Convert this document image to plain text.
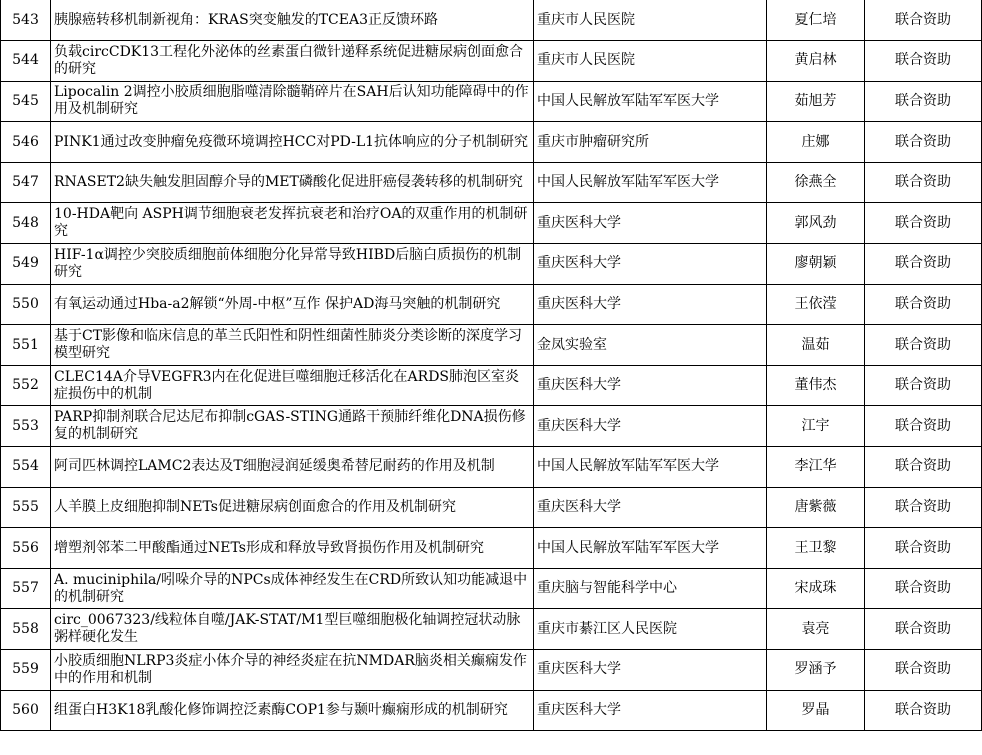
543	胰腺癌转移机制新视角：KRAS突变触发的TCEA3正反馈环路	重庆市人民医院	夏仁培	联合资助
544	负载circCDK13工程化外泌体的丝素蛋白微针递释系统促进糖尿病创面愈合的研究	重庆市人民医院	黄启林	联合资助
545	Lipocalin 2调控小胶质细胞脂噬清除髓鞘碎片在SAH后认知功能障碍中的作用及机制研究	中国人民解放军陆军军医大学	茹旭芳	联合资助
546	PINK1通过改变肿瘤免疫微环境调控HCC对PD-L1抗体响应的分子机制研究	重庆市肿瘤研究所	庄娜	联合资助
547	RNASET2缺失触发胆固醇介导的MET磷酸化促进肝癌侵袭转移的机制研究	中国人民解放军陆军军医大学	徐燕全	联合资助
548	10-HDA靶向 ASPH调节细胞衰老发挥抗衰老和治疗OA的双重作用的机制研究	重庆医科大学	郭风劲	联合资助
549	HIF-1α调控少突胶质细胞前体细胞分化异常导致HIBD后脑白质损伤的机制研究	重庆医科大学	廖朝颖	联合资助
550	有氧运动通过Hba-a2解锁“外周-中枢”互作 保护AD海马突触的机制研究	重庆医科大学	王依滢	联合资助
551	基于CT影像和临床信息的革兰氏阳性和阴性细菌性肺炎分类诊断的深度学习模型研究	金凤实验室	温茹	联合资助
552	CLEC14A介导VEGFR3内在化促进巨噬细胞迁移活化在ARDS肺泡区室炎症损伤中的机制	重庆医科大学	董伟杰	联合资助
553	PARP抑制剂联合尼达尼布抑制cGAS-STING通路干预肺纤维化DNA损伤修复的机制研究	重庆医科大学	江宇	联合资助
554	阿司匹林调控LAMC2表达及T细胞浸润延缓奥希替尼耐药的作用及机制	中国人民解放军陆军军医大学	李江华	联合资助
555	人羊膜上皮细胞抑制NETs促进糖尿病创面愈合的作用及机制研究	重庆医科大学	唐紫薇	联合资助
556	增塑剂邻苯二甲酸酯通过NETs形成和释放导致肾损伤作用及机制研究	中国人民解放军陆军军医大学	王卫黎	联合资助
557	A. muciniphila/吲哚介导的NPCs成体神经发生在CRD所致认知功能减退中的机制研究	重庆脑与智能科学中心	宋成珠	联合资助
558	circ_0067323/线粒体自噬/JAK-STAT/M1型巨噬细胞极化轴调控冠状动脉粥样硬化发生	重庆市綦江区人民医院	袁亮	联合资助
559	小胶质细胞NLRP3炎症小体介导的神经炎症在抗NMDAR脑炎相关癫痫发作中的作用和机制	重庆医科大学	罗涵予	联合资助
560	组蛋白H3K18乳酸化修饰调控泛素酶COP1参与颞叶癫痫形成的机制研究	重庆医科大学	罗晶	联合资助
